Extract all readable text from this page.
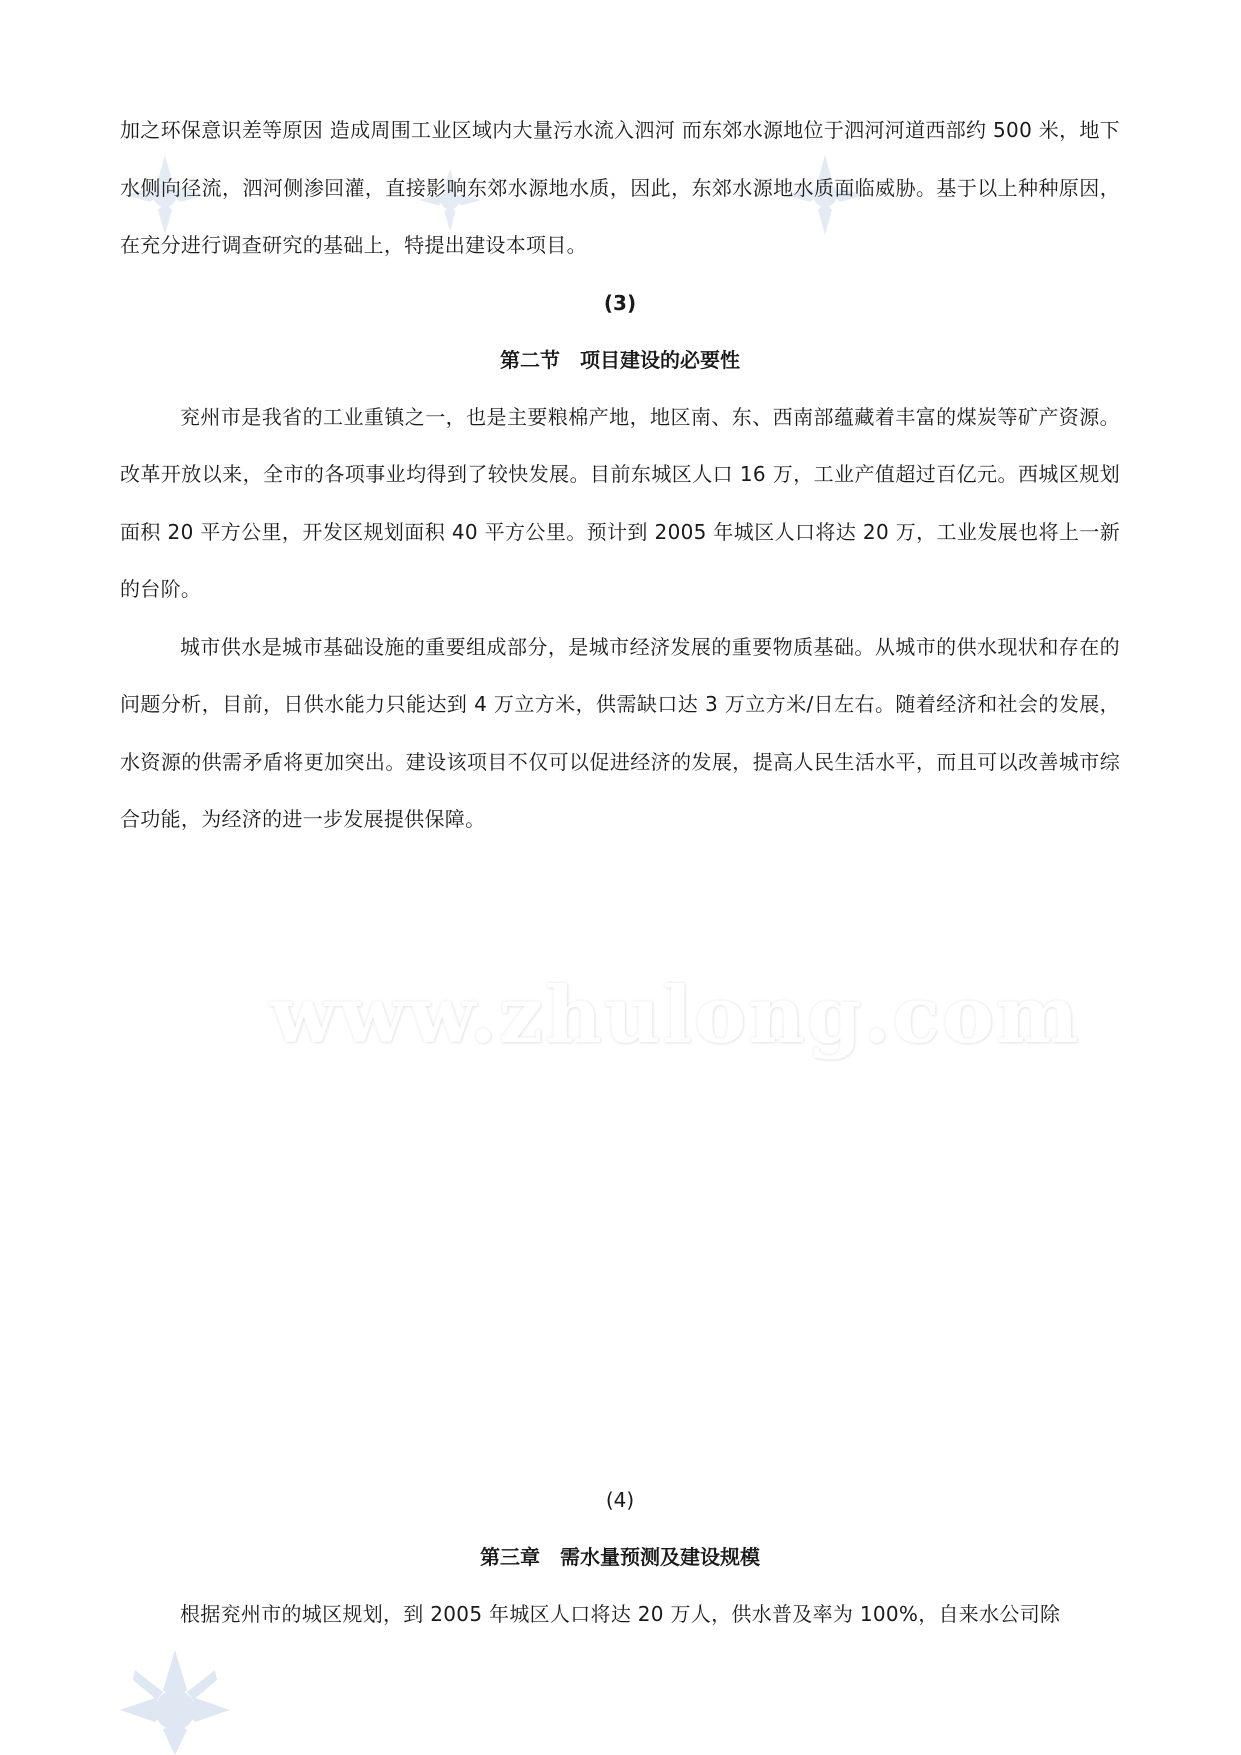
加之环保意识差等原因 造成周围工业区域内大量污水流入泗河 而东郊水源地位于泗河河道西部约 500 米，地下水侧向径流，泗河侧渗回灌，直接影响东郊水源地水质，因此，东郊水源地水质面临威胁。基于以上种种原因，在充分进行调查研究的基础上，特提出建设本项目。

(3)

第二节　项目建设的必要性

兖州市是我省的工业重镇之一，也是主要粮棉产地，地区南、东、西南部蕴藏着丰富的煤炭等矿产资源。改革开放以来，全市的各项事业均得到了较快发展。目前东城区人口 16 万，工业产值超过百亿元。西城区规划面积 20 平方公里，开发区规划面积 40 平方公里。预计到 2005 年城区人口将达 20 万，工业发展也将上一新的台阶。

城市供水是城市基础设施的重要组成部分，是城市经济发展的重要物质基础。从城市的供水现状和存在的问题分析，目前，日供水能力只能达到 4 万立方米，供需缺口达 3 万立方米/日左右。随着经济和社会的发展，水资源的供需矛盾将更加突出。建设该项目不仅可以促进经济的发展，提高人民生活水平，而且可以改善城市综合功能，为经济的进一步发展提供保障。

www.zhulong.com

(4)

第三章　需水量预测及建设规模

根据兖州市的城区规划，到 2005 年城区人口将达 20 万人，供水普及率为 100%，自来水公司除
